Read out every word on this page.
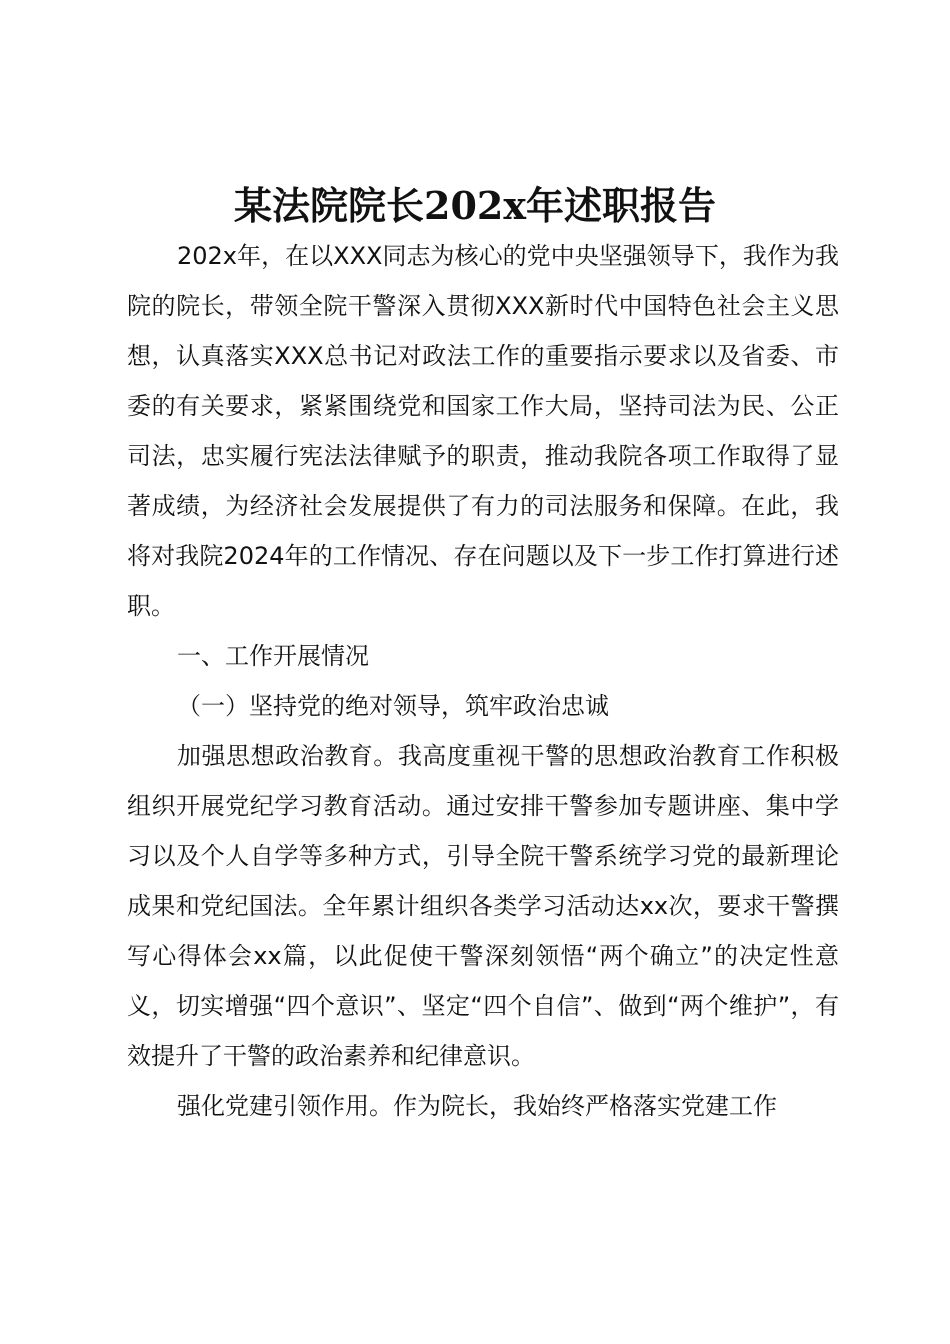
某法院院长202x年述职报告

202x年，在以XXX同志为核心的党中央坚强领导下，我作为我院的院长，带领全院干警深入贯彻XXX新时代中国特色社会主义思想，认真落实XXX总书记对政法工作的重要指示要求以及省委、市委的有关要求，紧紧围绕党和国家工作大局，坚持司法为民、公正司法，忠实履行宪法法律赋予的职责，推动我院各项工作取得了显著成绩，为经济社会发展提供了有力的司法服务和保障。在此，我将对我院2024年的工作情况、存在问题以及下一步工作打算进行述职。

一、工作开展情况

（一）坚持党的绝对领导，筑牢政治忠诚

加强思想政治教育。我高度重视干警的思想政治教育工作积极组织开展党纪学习教育活动。通过安排干警参加专题讲座、集中学习以及个人自学等多种方式，引导全院干警系统学习党的最新理论成果和党纪国法。全年累计组织各类学习活动达xx次，要求干警撰写心得体会xx篇，以此促使干警深刻领悟“两个确立”的决定性意义，切实增强“四个意识”、坚定“四个自信”、做到“两个维护”，有效提升了干警的政治素养和纪律意识。

强化党建引领作用。作为院长，我始终严格落实党建工作
